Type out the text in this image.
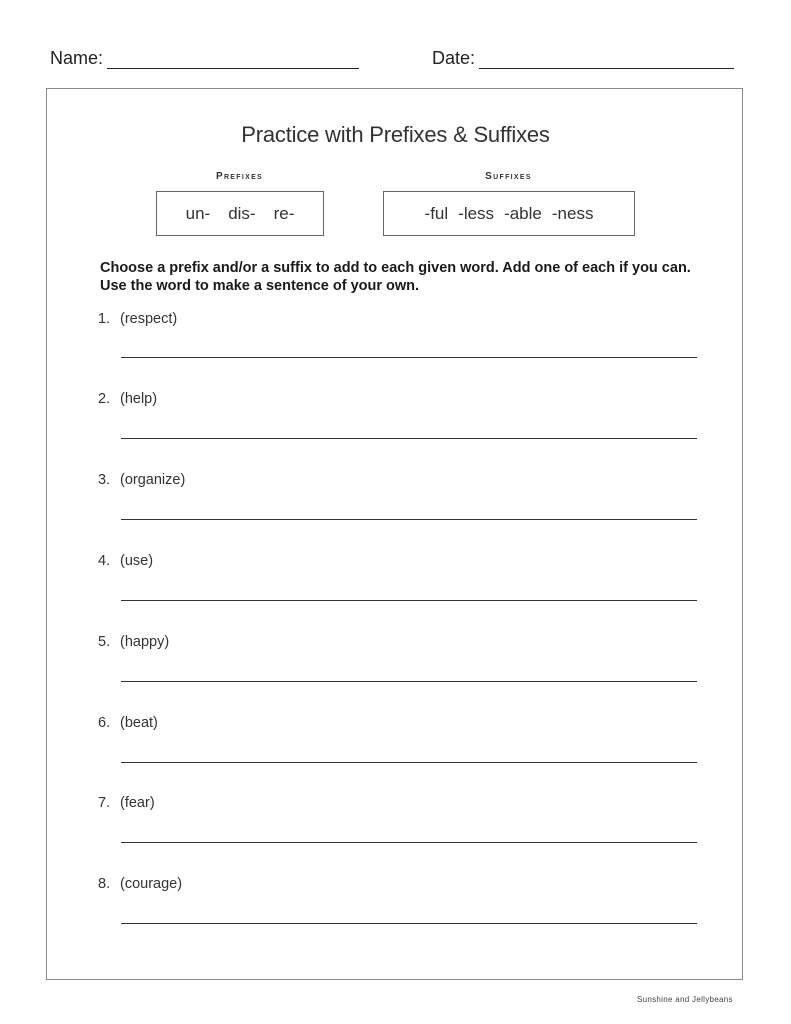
Name:	Date:
Practice with Prefixes & Suffixes
Prefixes	Suffixes
un- dis- re-	-ful -less -able -ness
Choose a prefix and/or a suffix to add to each given word. Add one of each if you can. Use the word to make a sentence of your own.
1. (respect)
2. (help)
3. (organize)
4. (use)
5. (happy)
6. (beat)
7. (fear)
8. (courage)
Sunshine and Jellybeans
